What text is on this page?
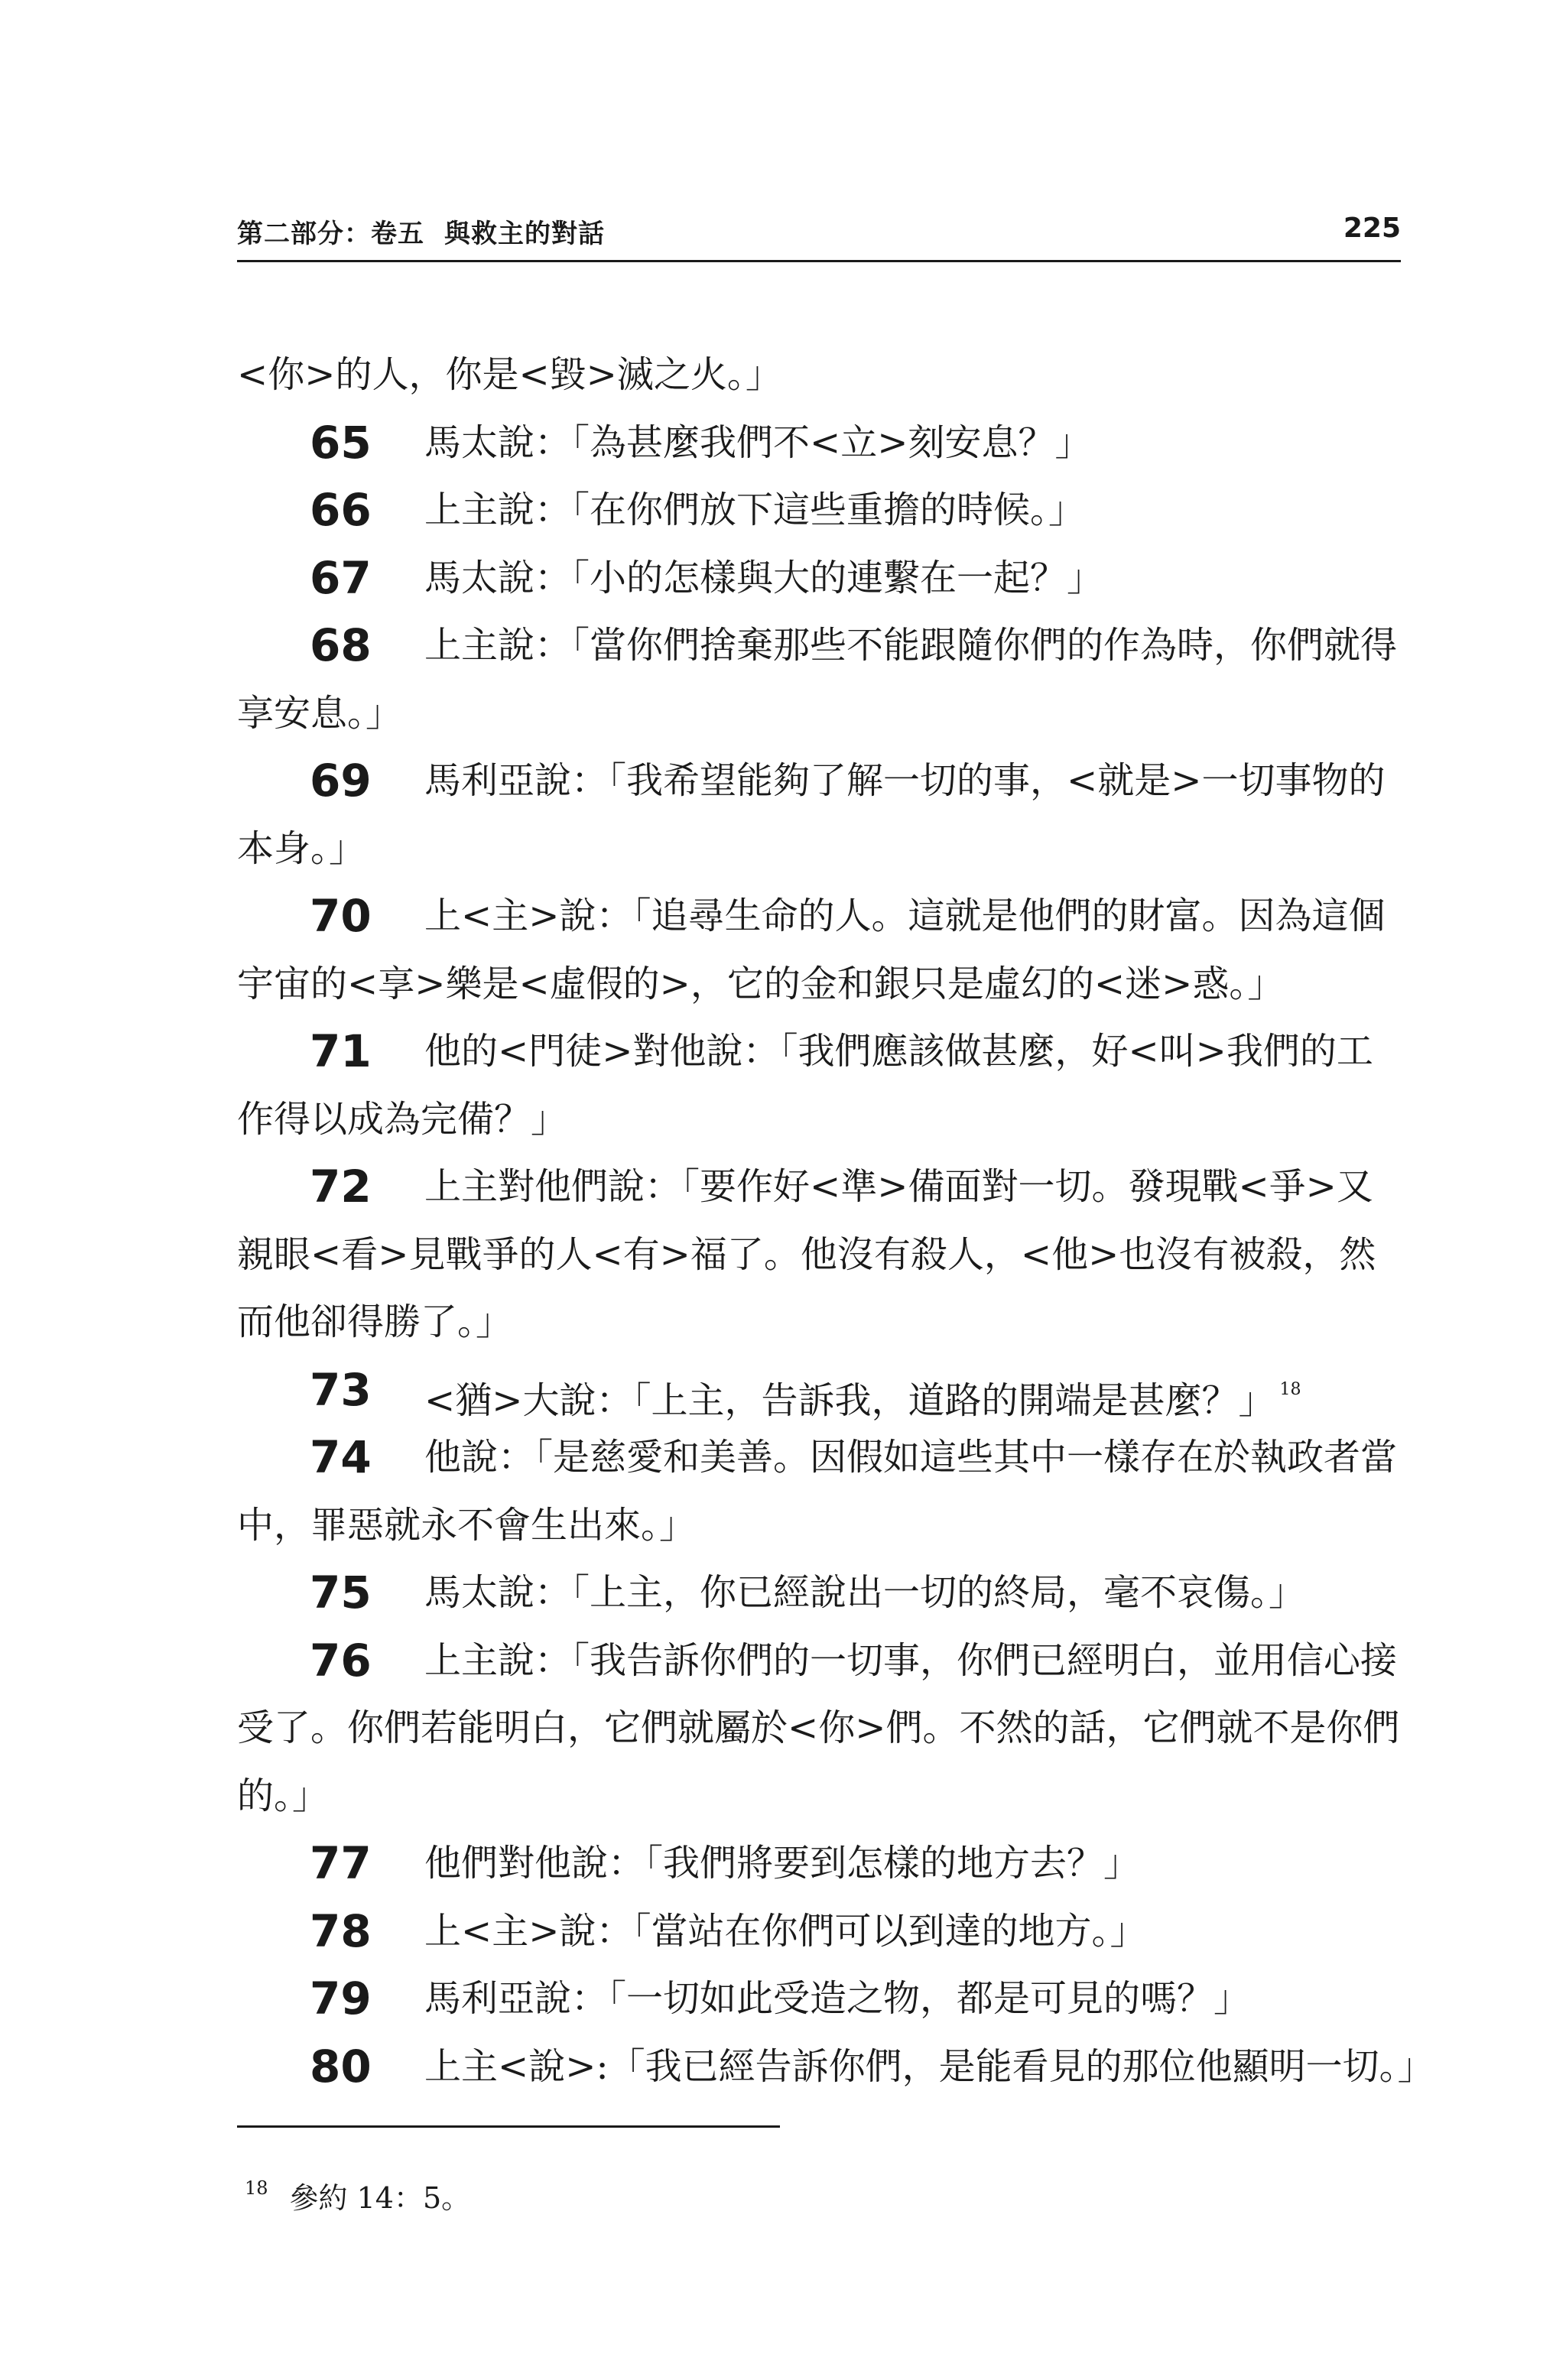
第二部分：卷五 與救主的對話	225
<你>的人，你是<毀>滅之火。」
65	馬太說：「為甚麼我們不<立>刻安息？」
66	上主說：「在你們放下這些重擔的時候。」
67	馬太說：「小的怎樣與大的連繫在一起？」
68	上主說：「當你們捨棄那些不能跟隨你們的作為時，你們就得
享安息。」
69	馬利亞說：「我希望能夠了解一切的事，<就是>一切事物的
本身。」
70	上<主>說：「追尋生命的人。這就是他們的財富。因為這個
宇宙的<享>樂是<虛假的>，它的金和銀只是虛幻的<迷>惑。」
71	他的<門徒>對他說：「我們應該做甚麼，好<叫>我們的工
作得以成為完備？」
72	上主對他們說：「要作好<準>備面對一切。發現戰<爭>又
親眼<看>見戰爭的人<有>福了。他沒有殺人，<他>也沒有被殺，然
而他卻得勝了。」
73	<猶>大說：「上主，告訴我，道路的開端是甚麼？」 $^{18}$
74	他說：「是慈愛和美善。因假如這些其中一樣存在於執政者當
中，罪惡就永不會生出來。」
75	馬太說：「上主，你已經說出一切的終局，毫不哀傷。」
76	上主說：「我告訴你們的一切事，你們已經明白，並用信心接
受了。你們若能明白，它們就屬於<你>們。不然的話，它們就不是你們
的。」
77	他們對他說：「我們將要到怎樣的地方去？」
78	上<主>說：「當站在你們可以到達的地方。」
79	馬利亞說：「一切如此受造之物，都是可見的嗎？」
80	上主<說>:「我已經告訴你們，是能看見的那位他顯明一切。」
$^{18}$ 參約 14：5。
